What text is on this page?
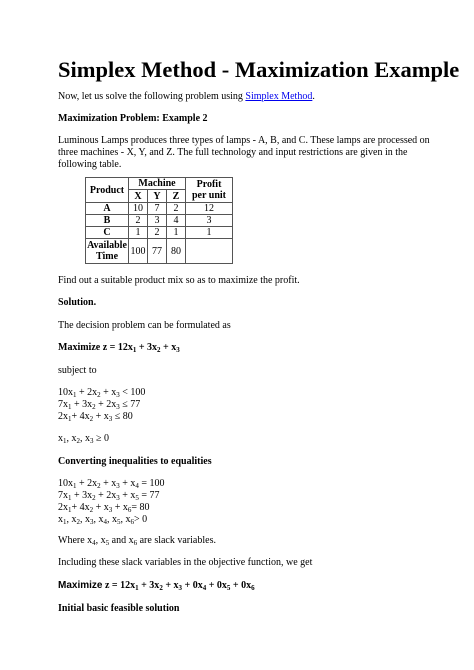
Simplex Method - Maximization Example
Now, let us solve the following problem using Simplex Method.
Maximization Problem: Example 2
Luminous Lamps produces three types of lamps - A, B, and C. These lamps are processed on
three machines - X, Y, and Z. The full technology and input restrictions are given in the
following table.
Product	Machine			Profit
per unit

	X	Y	Z	
A	10	7	2	12
B	2	3	4	3
C	1	2	1	1

Available
Time	100	77	80	
Find out a suitable product mix so as to maximize the profit.
Solution.
The decision problem can be formulated as
Maximize $z = 12x_1 + 3x_2 + x_3$
subject to
$10x_1 + 2x_2 + x_3 < 100$
$7x_1 + 3x_2 + 2x_3 \le 77$
$2x_1+ 4x_2 + x_3 \le 80$
$x_1$, $x_2$, $x_3 \ge 0$
Converting inequalities to equalities
$10x_1 + 2x_2 + x_3 + x_4 = 100$
$7x_1 + 3x_2 + 2x_3 + x_5 = 77$
$2x_1+ 4x_2 + x_3 + x_6= 80$
$x_1$, $x_2$, $x_3$, $x_4$, $x_5$, $x_6> 0$
Where $x_4$, $x_5$ and $x_6$ are slack variables.
Including these slack variables in the objective function, we get
Maximize $z = 12x_1 + 3x_2 + x_3 + 0x_4 + 0x_5 + 0x_6$
Initial basic feasible solution
